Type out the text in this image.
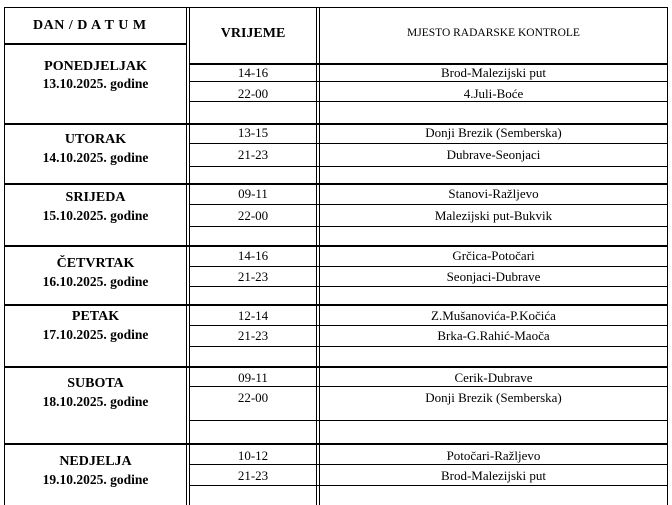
DAN / D A T U M
VRIJEME	MJESTO RADARSKE KONTROLE
PONEDJELJAK
13.10.2025. godine
14-16	Brod-Malezijski put
22-00	4.Juli-Boće
UTORAK
14.10.2025. godine
13-15	Donji Brezik (Semberska)
21-23	Dubrave-Seonjaci
SRIJEDA
15.10.2025. godine
09-11	Stanovi-Ražljevo
22-00	Malezijski put-Bukvik
ČETVRTAK
16.10.2025. godine
14-16	Grčica-Potočari
21-23	Seonjaci-Dubrave
PETAK
17.10.2025. godine
12-14	Z.Mušanovića-P.Kočića
21-23	Brka-G.Rahić-Maoča
SUBOTA
18.10.2025. godine
09-11	Cerik-Dubrave
22-00	Donji Brezik (Semberska)
NEDJELJA
19.10.2025. godine
10-12	Potočari-Ražljevo
21-23	Brod-Malezijski put
